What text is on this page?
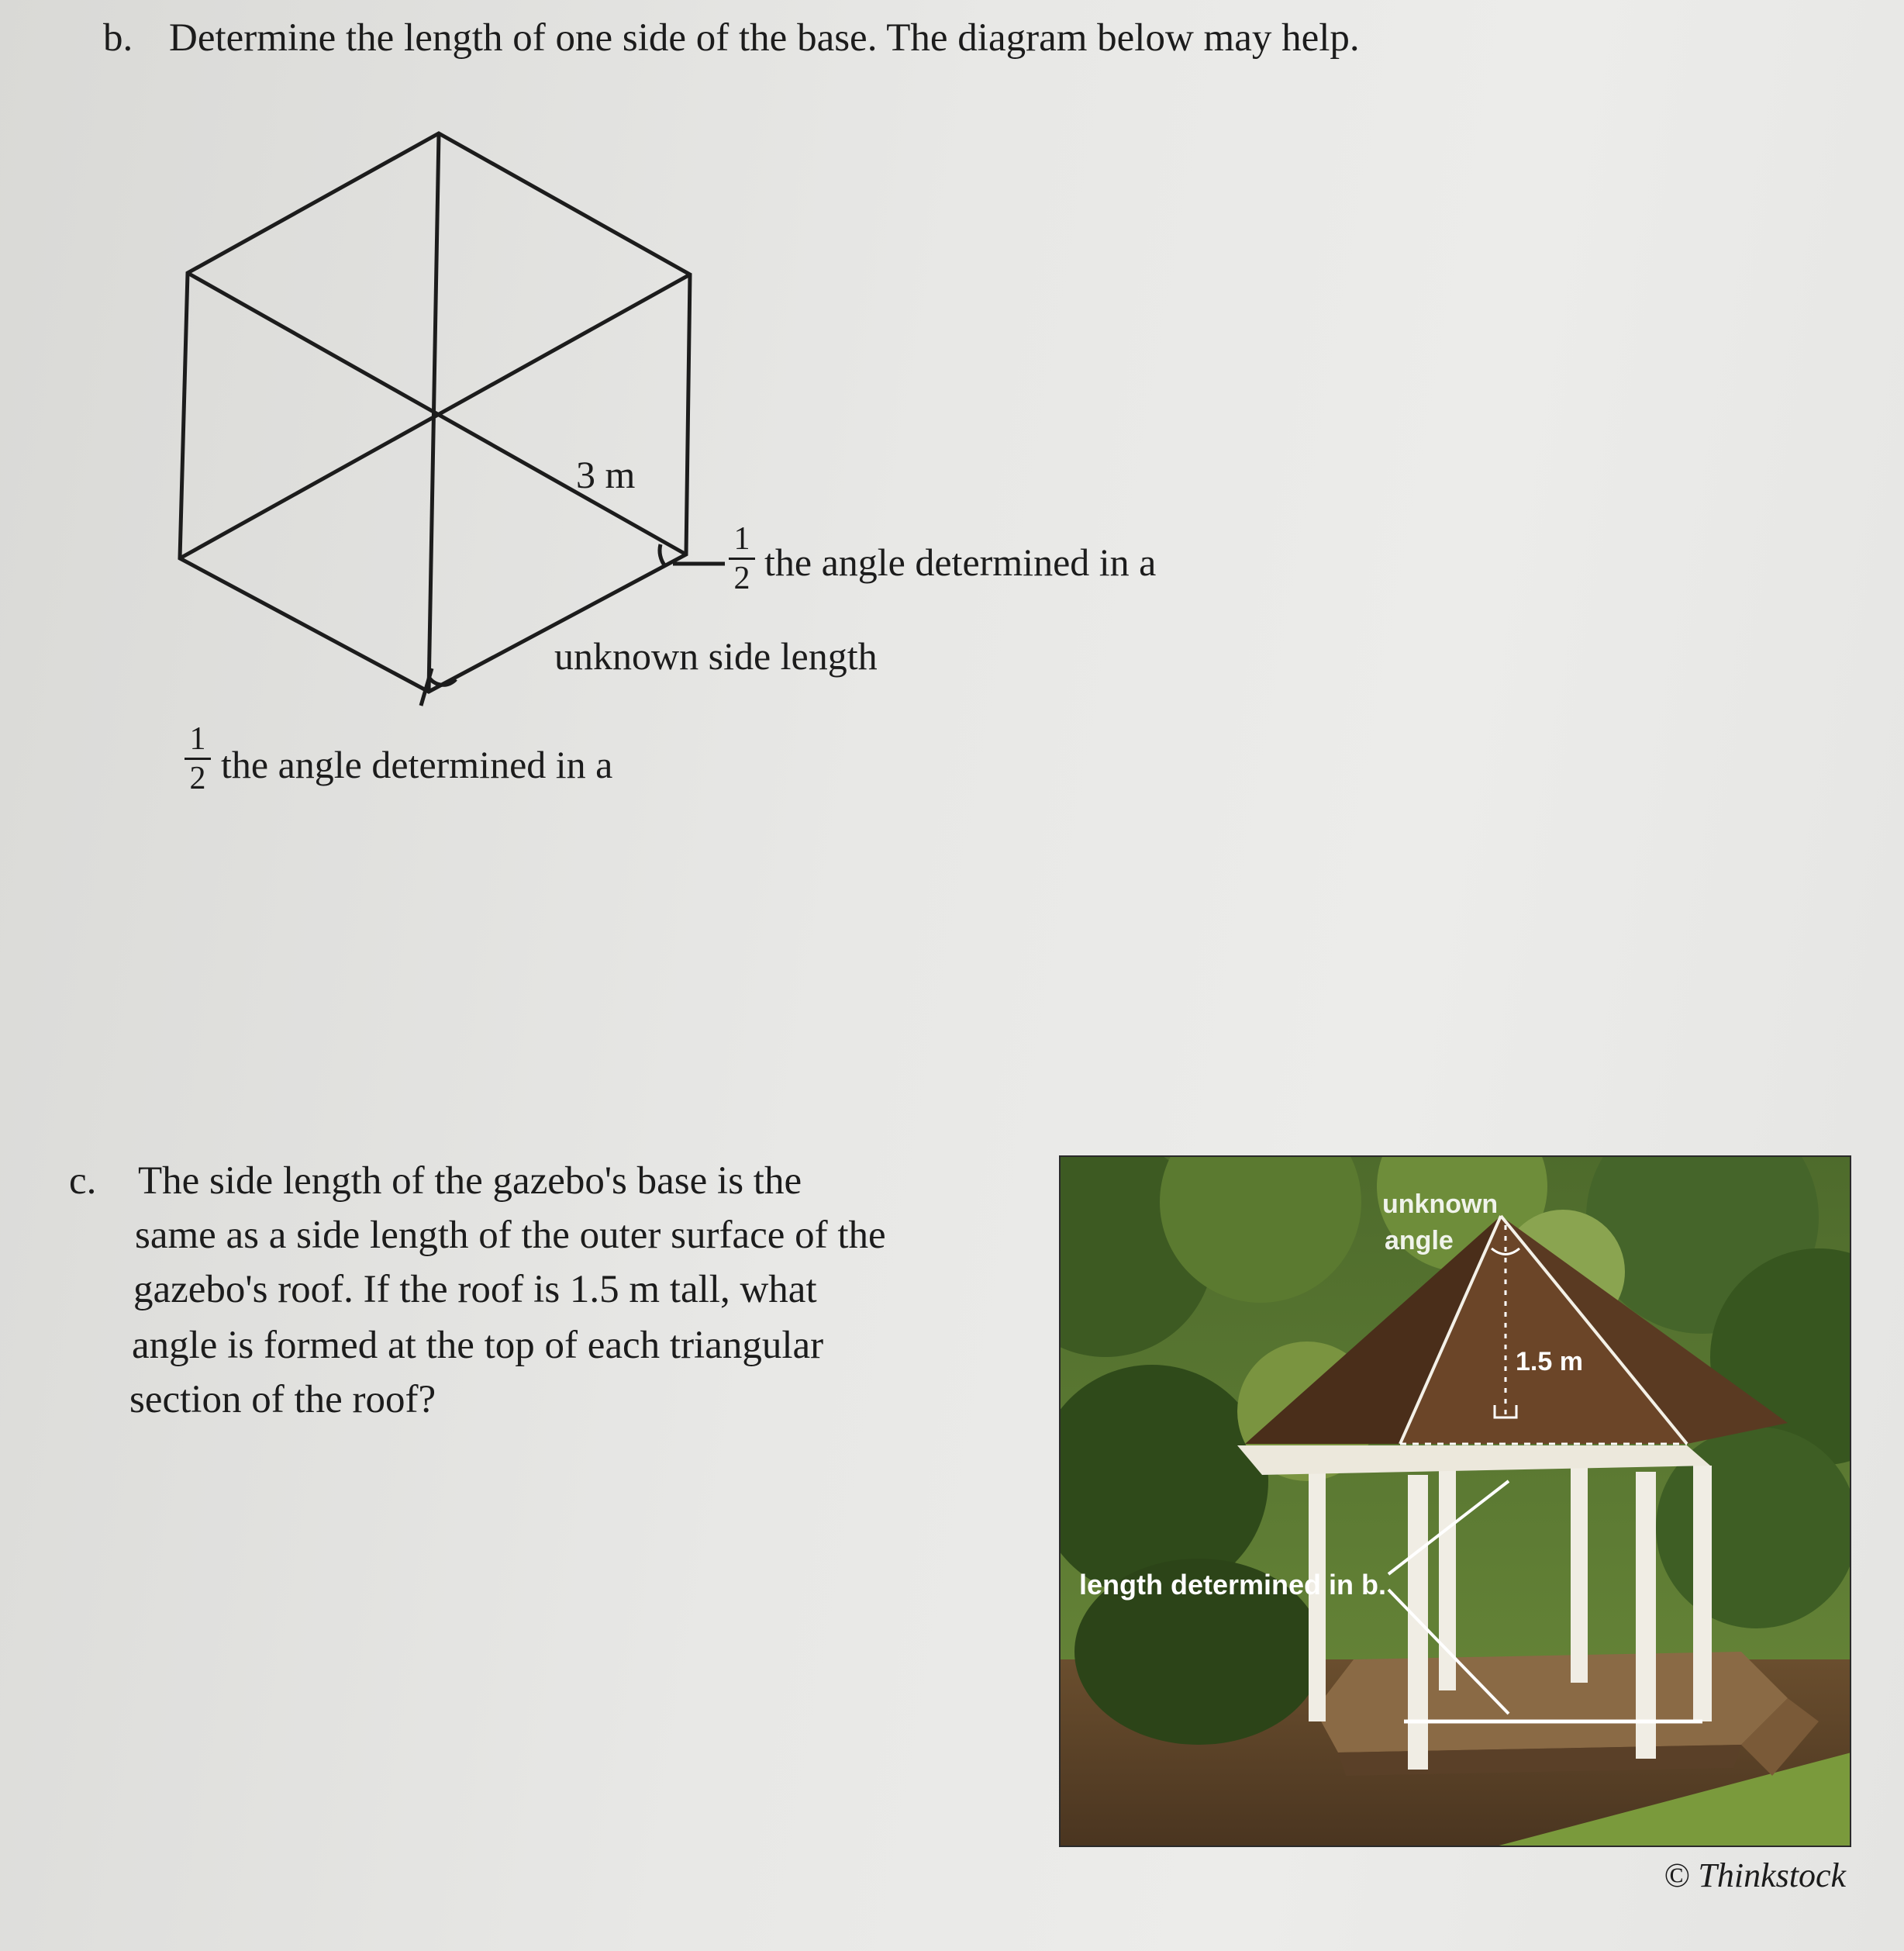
b. Determine the length of one side of the base. The diagram below may help.
3 m
1
2 the angle determined in a
unknown side length
1
2 the angle determined in a
c. The side length of the gazebo's base is the
same as a side length of the outer surface of the
gazebo's roof. If the roof is 1.5 m tall, what
angle is formed at the top of each triangular
section of the roof?
unknown
angle
1.5 m
length determined in b.
© Thinkstock
